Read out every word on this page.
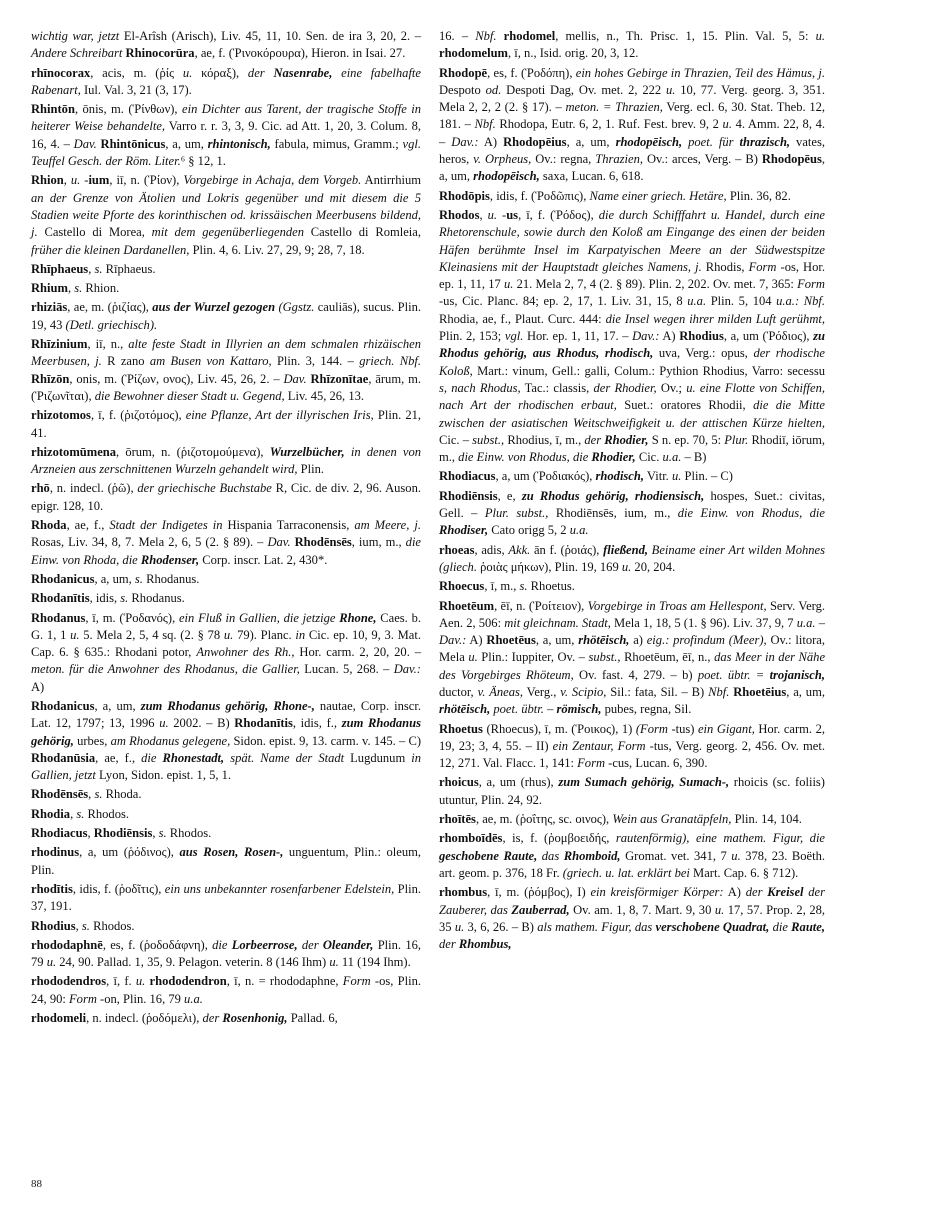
wichtig war, jetzt El-Arîsh (Arisch), Liv. 45, 11, 10. Sen. de ira 3, 20, 2. – Andere Schreibart Rhinocorūra, ae, f. (Ῥινοκόρουρα), Hieron. in Isai. 27.
rhīnocorax, acis, m. (ῥίς u. κόραξ), der Nasenrabe, eine fabelhafte Rabenart, Iul. Val. 3, 21 (3, 17).
Rhintōn, ōnis, m. (Ῥίνθων), ein Dichter aus Tarent, der tragische Stoffe in heiterer Weise behandelte, Varro r. r. 3, 3, 9. Cic. ad Att. 1, 20, 3. Colum. 8, 16, 4. – Dav. Rhintōnicus, a, um, rhintonisch, fabula, mimus, Gramm.; vgl. Teuffel Gesch. der Röm. Liter.⁶ § 12, 1.
Rhion, u. -ium, iī, n. (Ῥίον), Vorgebirge in Achaja, dem Vorgeb. Antirrhium an der Grenze von Ätolien und Lokris gegenüber und mit diesem die 5 Stadien weite Pforte des korinthischen od. krissäischen Meerbusens bildend, j. Castello di Morea, mit dem gegenüberliegenden Castello di Romleia, früher die kleinen Dardanellen, Plin. 4, 6. Liv. 27, 29, 9; 28, 7, 18.
Rhīphaeus, s. Rīphaeus.
Rhium, s. Rhion.
rhiziās, ae, m. (ῥιζίας), aus der Wurzel gezogen (Ggstz. cauliās), sucus. Plin. 19, 43 (Detl. griechisch).
Rhīzinium, iī, n., alte feste Stadt in Illyrien an dem schmalen rhizäischen Meerbusen, j. R zano am Busen von Kattaro, Plin. 3, 144. – griech. Nbf. Rhīzōn, onis, m. (Ῥίζων, ονος), Liv. 45, 26, 2. – Dav. Rhīzonītae, ārum, m. (Ῥιζωνῖται), die Bewohner dieser Stadt u. Gegend, Liv. 45, 26, 13.
rhizotomos, ī, f. (ῥιζοτόμος), eine Pflanze, Art der illyrischen Iris, Plin. 21, 41.
rhizotomūmena, ōrum, n. (ῥιζοτομούμενα), Wurzelbücher, in denen von Arzneien aus zerschnittenen Wurzeln gehandelt wird, Plin.
rhō, n. indecl. (ῥῶ), der griechische Buchstabe R, Cic. de div. 2, 96. Auson. epigr. 128, 10.
Rhoda, ae, f., Stadt der Indigetes in Hispania Tarraconensis, am Meere, j. Rosas, Liv. 34, 8, 7. Mela 2, 6, 5 (2. § 89). – Dav. Rhodēnsēs, ium, m., die Einw. von Rhoda, die Rhodenser, Corp. inscr. Lat. 2, 430*.
Rhodanicus, a, um, s. Rhodanus.
Rhodanītis, idis, s. Rhodanus.
Rhodanus, ī, m. (Ῥοδανός), ein Fluß in Gallien, die jetzige Rhone, Caes. b. G. 1, 1 u. 5. Mela 2, 5, 4 sq. (2. § 78 u. 79). Planc. in Cic. ep. 10, 9, 3. Mat. Cap. 6. § 635.: Rhodani potor, Anwohner des Rh., Hor. carm. 2, 20, 20. – meton. für die Anwohner des Rhodanus, die Gallier, Lucan. 5, 268. – Dav.: A)
Rhodanicus, a, um, zum Rhodanus gehörig, Rhone-, nautae, Corp. inscr. Lat. 12, 1797; 13, 1996 u. 2002. – B) Rhodanītis, idis, f., zum Rhodanus gehörig, urbes, am Rhodanus gelegene, Sidon. epist. 9, 13. carm. v. 145. – C) Rhodanūsia, ae, f., die Rhonestadt, spät. Name der Stadt Lugdunum in Gallien, jetzt Lyon, Sidon. epist. 1, 5, 1.
Rhodēnsēs, s. Rhoda.
Rhodia, s. Rhodos.
Rhodiacus, Rhodiēnsis, s. Rhodos.
rhodinus, a, um (ῥόδινος), aus Rosen, Rosen-, unguentum, Plin.: oleum, Plin.
rhodītis, idis, f. (ῥοδῖτις), ein uns unbekannter rosenfarbener Edelstein, Plin. 37, 191.
Rhodius, s. Rhodos.
rhododaphnē, es, f. (ῥοδοδάφνη), die Lorbeerrose, der Oleander, Plin. 16, 79 u. 24, 90. Pallad. 1, 35, 9. Pelagon. veterin. 8 (146 Ihm) u. 11 (194 Ihm).
rhododendros, ī, f. u. rhododendron, ī, n. = rhododaphne, Form -os, Plin. 24, 90: Form -on, Plin. 16, 79 u.a.
rhodomeli, n. indecl. (ῥοδόμελι), der Rosenhonig, Pallad. 6,
16. – Nbf. rhodomel, mellis, n., Th. Prisc. 1, 15. Plin. Val. 5, 5: u. rhodomelum, ī, n., Isid. orig. 20, 3, 12.
Rhodopē, es, f. (Ῥοδόπη), ein hohes Gebirge in Thrazien, Teil des Hämus, j. Despoto od. Despoti Dag, Ov. met. 2, 222 u. 10, 77. Verg. georg. 3, 351. Mela 2, 2, 2 (2. § 17). – meton. = Thrazien, Verg. ecl. 6, 30. Stat. Theb. 12, 181. – Nbf. Rhodopa, Eutr. 6, 2, 1. Ruf. Fest. brev. 9, 2 u. 4. Amm. 22, 8, 4. – Dav.: A) Rhodopēius, a, um, rhodopēisch, poet. für thrazisch, vates, heros, v. Orpheus, Ov.: regna, Thrazien, Ov.: arces, Verg. – B) Rhodopēus, a, um, rhodopēisch, saxa, Lucan. 6, 618.
Rhodōpis, idis, f. (Ῥοδῶπις), Name einer griech. Hetäre, Plin. 36, 82.
Rhodos, u. -us, ī, f. (Ῥόδος), die durch Schifffahrt u. Handel, durch eine Rhetorenschule, sowie durch den Koloß am Eingange des einen der beiden Häfen berühmte Insel im Karpatyischen Meere an der Südwestspitze Kleinasiens mit der Hauptstadt gleiches Namens, j. Rhodis, Form -os, Hor. ep. 1, 11, 17 u. 21. Mela 2, 7, 4 (2. § 89). Plin. 2, 202. Ov. met. 7, 365: Form -us, Cic. Planc. 84; ep. 2, 17, 1. Liv. 31, 15, 8 u.a. Plin. 5, 104 u.a.: Nbf. Rhodia, ae, f., Plaut. Curc. 444: die Insel wegen ihrer milden Luft gerühmt, Plin. 2, 153; vgl. Hor. ep. 1, 11, 17. – Dav.: A) Rhodius, a, um (Ῥόδιος), zu Rhodus gehörig, aus Rhodus, rhodisch, uva, Verg.: opus, der rhodische Koloß, Mart.: vinum, Gell.: galli, Colum.: Pythion Rhodius, Varro: secessu s, nach Rhodus, Tac.: classis, der Rhodier, Ov.; u. eine Flotte von Schiffen, nach Art der rhodischen erbaut, Suet.: oratores Rhodii, die die Mitte zwischen der asiatischen Weitschweifigkeit u. der attischen Kürze hielten, Cic. – subst., Rhodius, ī, m., der Rhodier, S n. ep. 70, 5: Plur. Rhodiī, iōrum, m., die Einw. von Rhodus, die Rhodier, Cic. u.a. – B)
Rhodiacus, a, um (Ῥοδιακός), rhodisch, Vitr. u. Plin. – C)
Rhodiēnsis, e, zu Rhodus gehörig, rhodiensisch, hospes, Suet.: civitas, Gell. – Plur. subst., Rhodiēnsēs, ium, m., die Einw. von Rhodus, die Rhodiser, Cato origg 5, 2 u.a.
rhoeas, adis, Akk. ān f. (ῥοιάς), fließend, Beiname einer Art wilden Mohnes (gliech. ῥοιὰς μήκων), Plin. 19, 169 u. 20, 204.
Rhoecus, ī, m., s. Rhoetus.
Rhoetēum, ēī, n. (Ῥοίτειον), Vorgebirge in Troas am Hellespont, Serv. Verg. Aen. 2, 506: mit gleichnam. Stadt, Mela 1, 18, 5 (1. § 96). Liv. 37, 9, 7 u.a. – Dav.: A) Rhoetēus, a, um, rhötēisch, a) eig.: profindum (Meer), Ov.: litora, Mela u. Plin.: Iuppiter, Ov. – subst., Rhoetēum, ēī, n., das Meer in der Nähe des Vorgebirges Rhöteum, Ov. fast. 4, 279. – b) poet. übtr. = trojanisch, ductor, v. Äneas, Verg., v. Scipio, Sil.: fata, Sil. – B) Nbf. Rhoetēius, a, um, rhötēisch, poet. übtr. – römisch, pubes, regna, Sil.
Rhoetus (Rhoecus), ī, m. (Ῥοικος), 1) (Form -tus) ein Gigant, Hor. carm. 2, 19, 23; 3, 4, 55. – II) ein Zentaur, Form -tus, Verg. georg. 2, 456. Ov. met. 12, 271. Val. Flacc. 1, 141: Form -cus, Lucan. 6, 390.
rhoicus, a, um (rhus), zum Sumach gehörig, Sumach-, rhoicis (sc. foliis) utuntur, Plin. 24, 92.
rhoītēs, ae, m. (ῥοΐτης, sc. οινος), Wein aus Granatäpfeln, Plin. 14, 104.
rhomboīdēs, is, f. (ῥομβοειδής, rautenförmig), eine mathem. Figur, die geschobene Raute, das Rhomboid, Gromat. vet. 341, 7 u. 378, 23. Boëth. art. geom. p. 376, 18 Fr. (griech. u. lat. erklärt bei Mart. Cap. 6. § 712).
rhombus, ī, m. (ῥόμβος), I) ein kreisförmiger Körper: A) der Kreisel der Zauberer, das Zauberrad, Ov. am. 1, 8, 7. Mart. 9, 30 u. 17, 57. Prop. 2, 28, 35 u. 3, 6, 26. – B) als mathem. Figur, das verschobene Quadrat, die Raute, der Rhombus,
88
